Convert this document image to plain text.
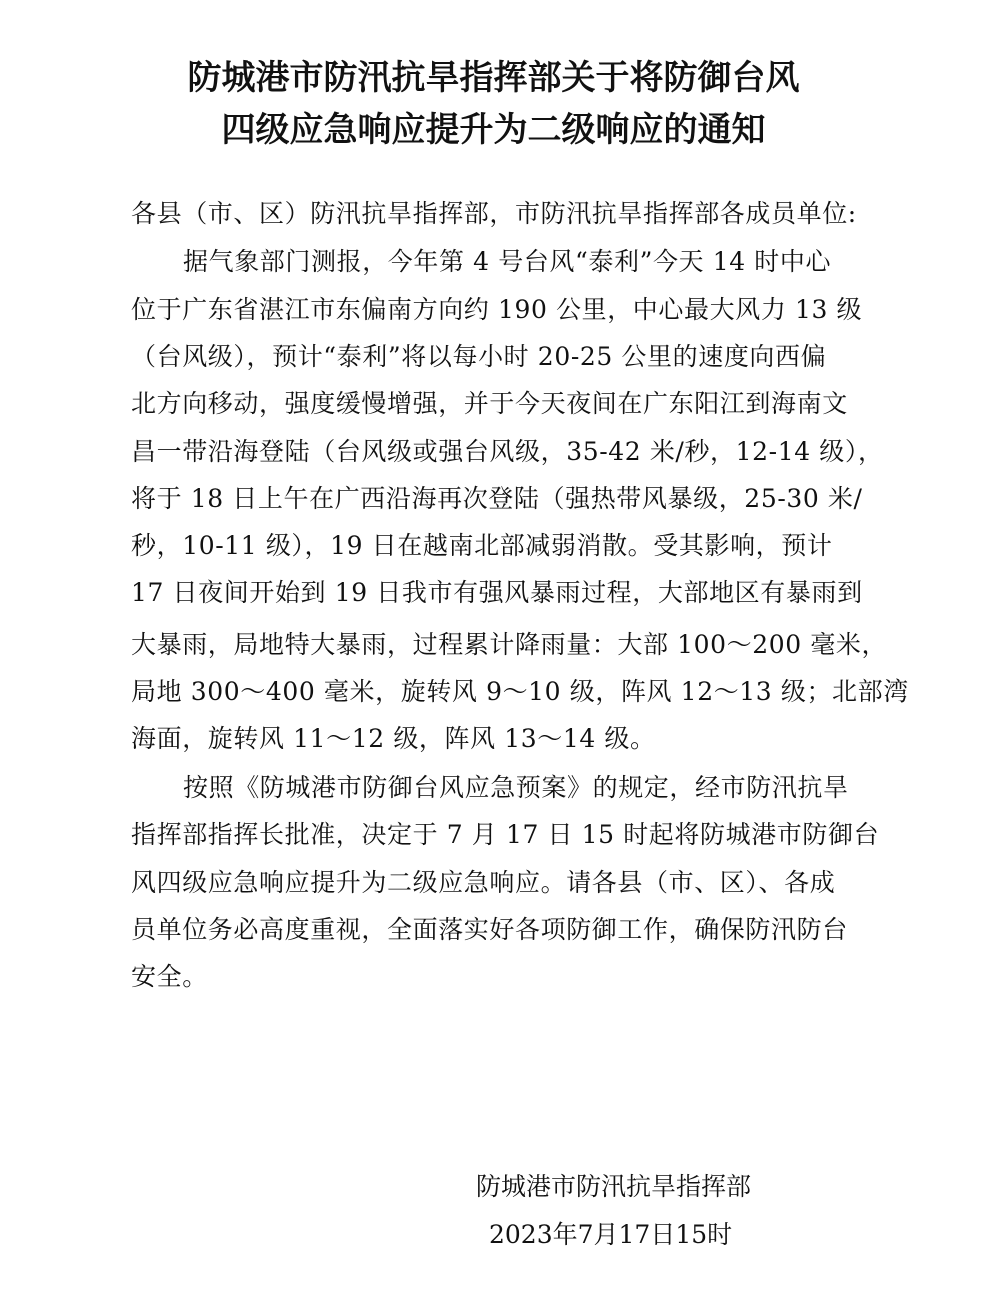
防城港市防汛抗旱指挥部关于将防御台风
四级应急响应提升为二级响应的通知

各县（市、区）防汛抗旱指挥部，市防汛抗旱指挥部各成员单位:

据气象部门测报，今年第 4 号台风“泰利”今天 14 时中心

位于广东省湛江市东偏南方向约 190 公里，中心最大风力 13 级

（台风级），预计“泰利”将以每小时 20-25 公里的速度向西偏

北方向移动，强度缓慢增强，并于今天夜间在广东阳江到海南文

昌一带沿海登陆（台风级或强台风级，35-42 米/秒，12-14 级），

将于 18 日上午在广西沿海再次登陆（强热带风暴级，25-30 米/

秒，10-11 级），19 日在越南北部减弱消散。受其影响，预计

17 日夜间开始到 19 日我市有强风暴雨过程，大部地区有暴雨到

大暴雨，局地特大暴雨，过程累计降雨量：大部 100～200 毫米，

局地 300～400 毫米，旋转风 9～10 级，阵风 12～13 级；北部湾

海面，旋转风 11～12 级，阵风 13～14 级。

按照《防城港市防御台风应急预案》的规定，经市防汛抗旱

指挥部指挥长批准，决定于 7 月 17 日 15 时起将防城港市防御台

风四级应急响应提升为二级应急响应。请各县（市、区）、各成

员单位务必高度重视，全面落实好各项防御工作，确保防汛防台

安全。

防城港市防汛抗旱指挥部

2023年7月17日15时
